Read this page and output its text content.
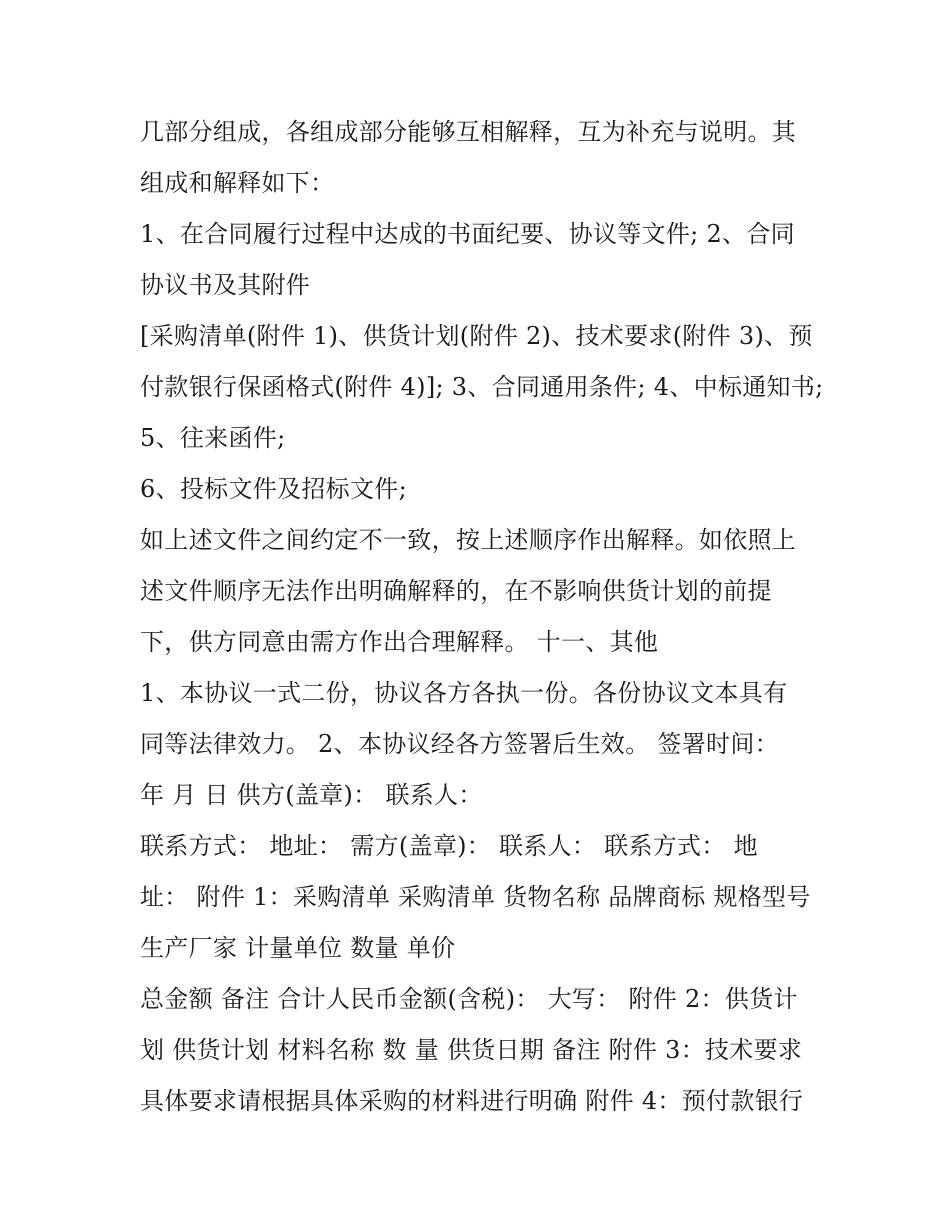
几部分组成，各组成部分能够互相解释，互为补充与说明。其
组成和解释如下：
1、在合同履行过程中达成的书面纪要、协议等文件; 2、合同
协议书及其附件
[采购清单(附件 1)、供货计划(附件 2)、技术要求(附件 3)、预
付款银行保函格式(附件 4)]; 3、合同通用条件; 4、中标通知书;
5、往来函件;
6、投标文件及招标文件;
如上述文件之间约定不一致，按上述顺序作出解释。如依照上
述文件顺序无法作出明确解释的，在不影响供货计划的前提
下，供方同意由需方作出合理解释。 十一、其他
1、本协议一式二份，协议各方各执一份。各份协议文本具有
同等法律效力。 2、本协议经各方签署后生效。 签署时间：
年 月 日 供方(盖章)： 联系人：
联系方式： 地址： 需方(盖章)： 联系人： 联系方式： 地
址： 附件 1：采购清单 采购清单 货物名称 品牌商标 规格型号
生产厂家 计量单位 数量 单价
总金额 备注 合计人民币金额(含税)： 大写： 附件 2：供货计
划 供货计划 材料名称 数 量 供货日期 备注 附件 3：技术要求
具体要求请根据具体采购的材料进行明确 附件 4：预付款银行
